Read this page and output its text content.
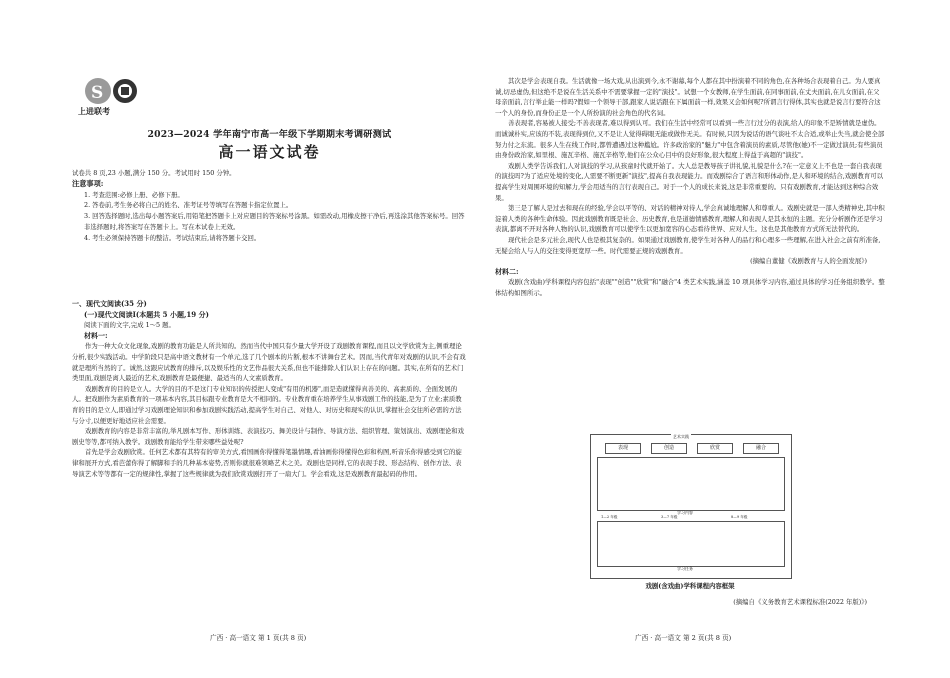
S
上进联考
2023—2024 学年南宁市高一年级下学期期末考调研测试
高一语文试卷

试卷共 8 页,23 小题,满分 150 分。考试用时 150 分钟。

注意事项:

1. 考查范围:必修上册、必修下册。

2. 答卷前,考生务必将自己的姓名、准考证号等填写在答题卡指定位置上。

3. 回答选择题时,选出每小题答案后,用铅笔把答题卡上对应题目的答案标号涂黑。如需改动,用橡皮擦干净后,再选涂其他答案标号。回答非选择题时,将答案写在答题卡上。写在本试卷上无效。

4. 考生必须保持答题卡的整洁。考试结束后,请将答题卡交回。

一、现代文阅读(35 分)

(一)现代文阅读Ⅰ(本题共 5 小题,19 分)

阅读下面的文字,完成 1～5 题。

材料一:

作为一种大众文化现象,戏剧的教育功能是人所共知的。然而当代中国只有少量大学开设了戏剧教育课程,而且以文学欣赏为主,侧重理论分析,很少实践活动。中学阶段只是高中语文教材有一个单元,选了几个剧本的片断,根本不讲舞台艺术。因而,当代青年对戏剧的认识,不会有戏就是理所当然的了。诚然,这跟应试教育的排斥,以及娱乐性的文艺作品很大关系,但也不能排除人们认识上存在的问题。其实,在所有的艺术门类里面,戏剧是离人最近的艺术,戏剧教育是最便捷、最适当的人文素质教育。

戏剧教育的目的是立人。大学的目的不是这门专业知识的传授把人变成"有用的机器",而是造就懂得真善美的、高素质的、全面发展的人。把戏剧作为素质教育的一项基本内容,其目标跟专业教育是大不相同的。专业教育重在培养学生从事戏剧工作的技能,是为了立业;素质教育的目的是立人,即通过学习戏剧理论知识和参加戏剧实践活动,提高学生对自己、对他人、对历史和现实的认识,掌握社会交往所必需的方法与分寸,以便更好地适应社会需要。

戏剧教育的内容是非常丰富的,举凡剧本写作、形体训练、表演技巧、舞美设计与制作、导演方法、组织管理、策划演出、戏剧理论和戏剧史等等,都可纳入教学。戏剧教育能给学生带来哪些益处呢?

首先是学会戏剧欣赏。任何艺术都有其特有的审美方式,看国画你得懂得笔墨情趣,看油画你得懂得色彩和构图,听音乐你得感受到它的旋律和展开方式,看芭蕾你得了解脚和手的几种基本姿势,否则你就很难领略艺术之美。戏剧也是同样,它的表现手段、形态结构、创作方法、表导演艺术等等都有一定的规律性,掌握了这些规律就为我们欣赏戏剧打开了一扇大门。学会看戏,这是戏剧教育最起码的作用。

其次是学会表现自我。生活就像一场大戏,从出演到今,永不谢幕,每个人都在其中扮演着不同的角色,在各种场合表现着自己。为人要真诚,切忌虚伪,但这绝不是说在生活关系中不需要掌握一定的"演技"。试想一个女教师,在学生面前,在同事面前,在丈夫面前,在儿女面前,在父母亲面前,言行举止能一样吗?假如一个领导干部,跟家人说话跟在下属面前一样,效果又会如何呢?所谓言行得体,其实也就是说言行要符合这一个人的身份,而身份正是一个人所扮演的社会角色的代名词。

善表现者,容易被人接受;不善表现者,难以得到认可。我们在生活中经常可以看到一些言行过分的表演,给人的印象不是矫情就是虚伪。而诚诚朴实,应该的不装,表现得到位,又不是让人觉得碍眼无能或做作无关。有时候,只因为说话的语气谈吐不太合适,或举止失当,就会使全部努力付之东流。很多人生在线工作时,都曾遭遇过这种尴尬。许多政治家的"魅力"中包含着演员的素质,尽管他(她)不一定做过演员;有些演员由身份政治家,如里根、施瓦辛格、施瓦辛格等,他们在公众心目中的良好形象,很大程度上得益于高超的"演技"。

戏剧人类学告诉我们,人对演技的学习,从孩童时代就开始了。大人总是教导孩子讲礼貌,礼貌是什么?在一定意义上不也是一套自我表现的演技吗?为了适应处境的变化,人需要不断更新"演技",提高自我表现能力。而戏剧综合了语言和形体动作,是人和环境的结合,戏剧教育可以提高学生对周围环境的知解力,学会用适当的言行表现自己。对于一个人的成长来说,这是非常重要的。只有戏剧教育,才能达到这种综合效果。

第三是了解人是过去和现在的经验,学会以平等的、对话的精神对待人,学会真诚地理解人和尊重人。戏剧史就是一部人类精神史,其中积淀着人类的各种生命体验。因此戏剧教育既是社会、历史教育,也是道德情感教育,理解人和表现人是其永恒的主题。充分分析剧作还是学习表演,都离不开对各种人物的认识,戏剧教育可以使学生以更加宽容的心态看待世界、应对人生。这也是其他教育方式所无法替代的。

现代社会是多元社会,现代人也是极其复杂的。如果通过戏剧教育,使学生对各种人的品行和心理多一些理解,在进入社会之前有所准备,无疑会给人与人的交往变得更宽厚一些。时代需要正规的戏剧教育。

(摘编自董健《戏剧教育与人的全面发展》)

材料二:

戏剧(含戏曲)学科课程内容包括"表现""创造""欣赏"和"融合"4 类艺术实践,涵盖 10 项具体学习内容,通过具体的学习任务组织教学。整体结构如图所示。

艺术实践
表现	创造	欣赏	融合
学习内容
1—2 年级	3—7 年级	8—9 年级
学习任务
戏剧(含戏曲)学科课程内容框架
(摘编自《义务教育艺术课程标准(2022 年版)》)
广西 · 高一语文 第 1 页(共 8 页)	广西 · 高一语文 第 2 页(共 8 页)
